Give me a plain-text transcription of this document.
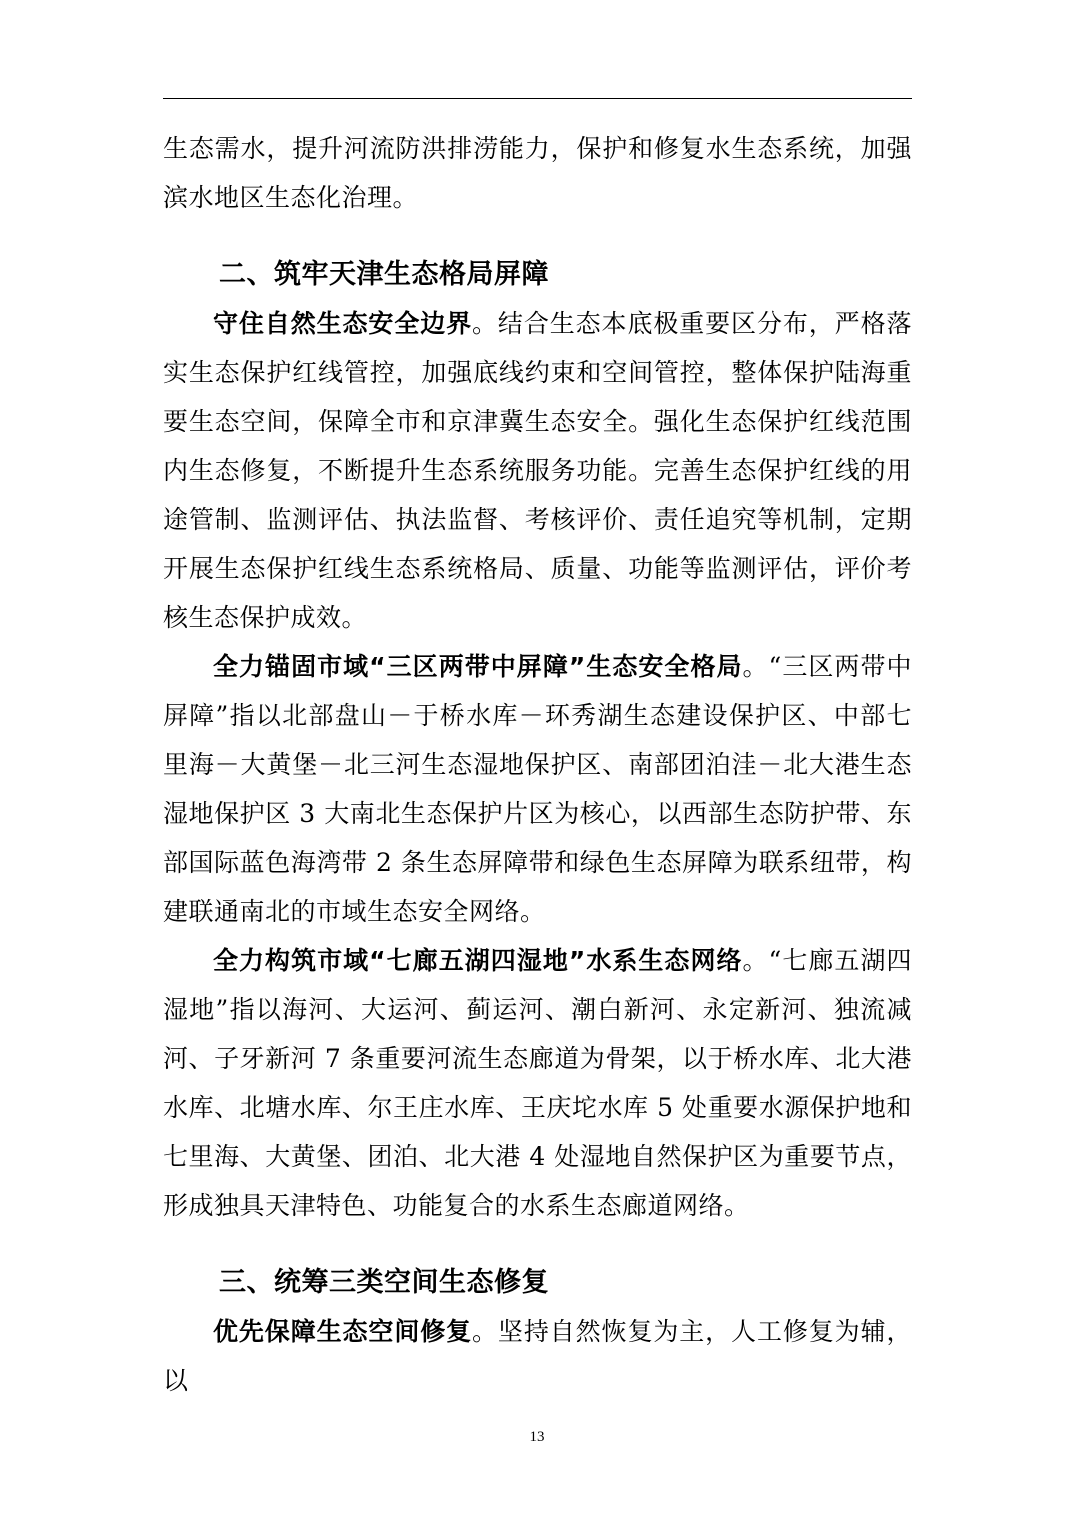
生态需水，提升河流防洪排涝能力，保护和修复水生态系统，加强滨水地区生态化治理。

二、筑牢天津生态格局屏障

守住自然生态安全边界。结合生态本底极重要区分布，严格落实生态保护红线管控，加强底线约束和空间管控，整体保护陆海重要生态空间，保障全市和京津冀生态安全。强化生态保护红线范围内生态修复，不断提升生态系统服务功能。完善生态保护红线的用途管制、监测评估、执法监督、考核评价、责任追究等机制，定期开展生态保护红线生态系统格局、质量、功能等监测评估，评价考核生态保护成效。

全力锚固市域“三区两带中屏障”生态安全格局。“三区两带中屏障”指以北部盘山－于桥水库－环秀湖生态建设保护区、中部七里海－大黄堡－北三河生态湿地保护区、南部团泊洼－北大港生态湿地保护区 3 大南北生态保护片区为核心，以西部生态防护带、东部国际蓝色海湾带 2 条生态屏障带和绿色生态屏障为联系纽带，构建联通南北的市域生态安全网络。

全力构筑市域“七廊五湖四湿地”水系生态网络。“七廊五湖四湿地”指以海河、大运河、蓟运河、潮白新河、永定新河、独流减河、子牙新河 7 条重要河流生态廊道为骨架，以于桥水库、北大港水库、北塘水库、尔王庄水库、王庆坨水库 5 处重要水源保护地和七里海、大黄堡、团泊、北大港 4 处湿地自然保护区为重要节点，形成独具天津特色、功能复合的水系生态廊道网络。

三、统筹三类空间生态修复

优先保障生态空间修复。坚持自然恢复为主，人工修复为辅，以

13
